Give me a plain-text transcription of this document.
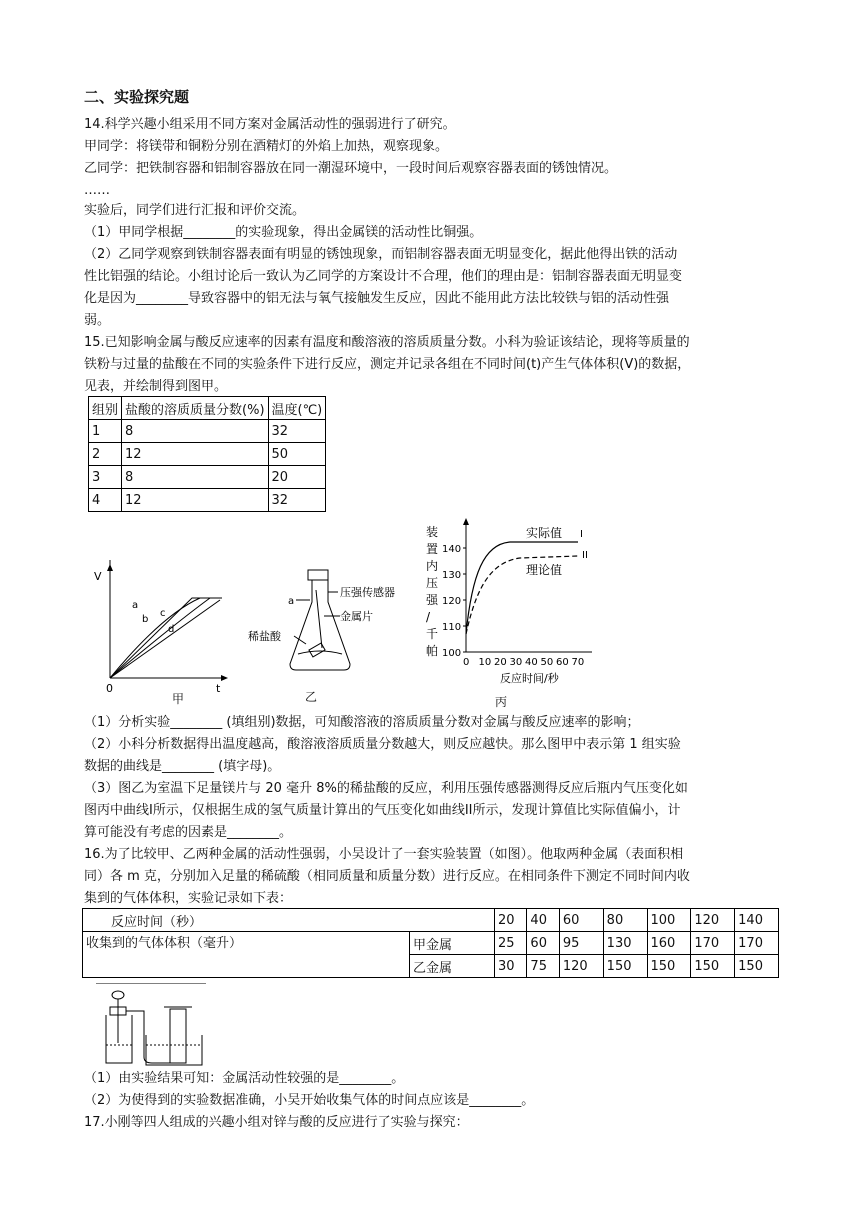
二、实验探究题
14.科学兴趣小组采用不同方案对金属活动性的强弱进行了研究。
甲同学：将镁带和铜粉分别在酒精灯的外焰上加热，观察现象。
乙同学：把铁制容器和铝制容器放在同一潮湿环境中，一段时间后观察容器表面的锈蚀情况。
……
实验后，同学们进行汇报和评价交流。
（1）甲同学根据________的实验现象，得出金属镁的活动性比铜强。
（2）乙同学观察到铁制容器表面有明显的锈蚀现象，而铝制容器表面无明显变化，据此他得出铁的活动
性比铝强的结论。小组讨论后一致认为乙同学的方案设计不合理，他们的理由是：铝制容器表面无明显变
化是因为________导致容器中的铝无法与氧气接触发生反应，因此不能用此方法比较铁与铝的活动性强
弱。
15.已知影响金属与酸反应速率的因素有温度和酸溶液的溶质质量分数。小科为验证该结论，现将等质量的
铁粉与过量的盐酸在不同的实验条件下进行反应，测定并记录各组在不同时间(t)产生气体体积(V)的数据，
见表，并绘制得到图甲。
组别	盐酸的溶质质量分数(%)	温度(℃)
1	8	32
2	12	50
3	8	20
4	12	32
V
0	t
a
b
c
d
甲
a
压强传感器
金属片
稀盐酸
乙
装
置
内
压
强
/
千
帕 100
110
120
130
140
0 10 20 30 40 50 60 70
反应时间/秒
实际值 I
理论值
II
丙
（1）分析实验________ (填组别)数据，可知酸溶液的溶质质量分数对金属与酸反应速率的影响；
（2）小科分析数据得出温度越高，酸溶液溶质质量分数越大，则反应越快。那么图甲中表示第 1 组实验
数据的曲线是________ (填字母)。
（3）图乙为室温下足量镁片与 20 毫升 8%的稀盐酸的反应，利用压强传感器测得反应后瓶内气压变化如
图丙中曲线I所示，仅根据生成的氢气质量计算出的气压变化如曲线II所示，发现计算值比实际值偏小，计
算可能没有考虑的因素是________。
16.为了比较甲、乙两种金属的活动性强弱，小吴设计了一套实验装置（如图）。他取两种金属（表面积相
同）各 m 克，分别加入足量的稀硫酸（相同质量和质量分数）进行反应。在相同条件下测定不同时间内收
集到的气体体积，实验记录如下表：
反应时间（秒）		20	40	60	80	100	120	140
收集到的气体体积（毫升）	甲金属	25	60	95	130	160	170	170
	乙金属	30	75	120	150	150	150	150
（1）由实验结果可知：金属活动性较强的是________。
（2）为使得到的实验数据准确，小吴开始收集气体的时间点应该是________。
17.小刚等四人组成的兴趣小组对锌与酸的反应进行了实验与探究：
